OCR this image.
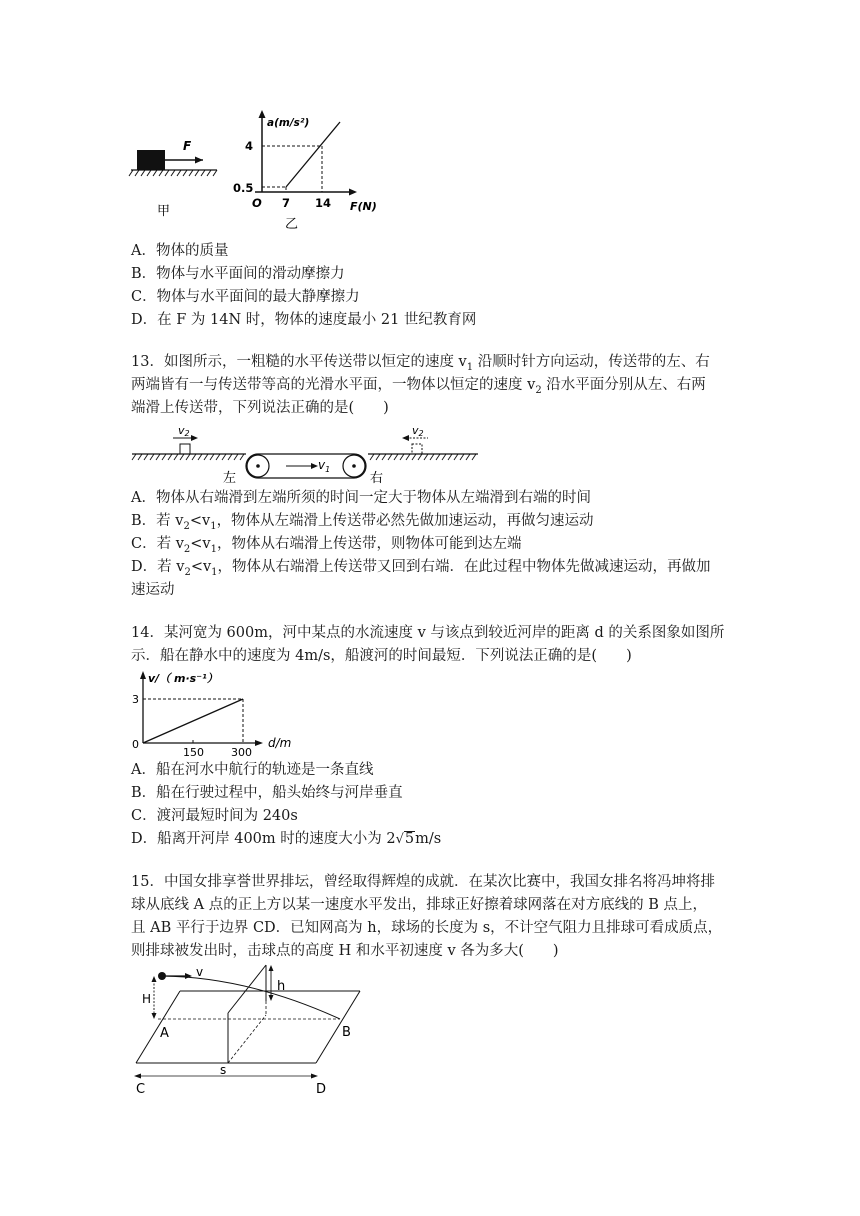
F
甲
a(m/s²)
4
0.5
O 7 14 F(N)
乙
A．物体的质量
B．物体与水平面间的滑动摩擦力
C．物体与水平面间的最大静摩擦力
D．在 F 为 14N 时，物体的速度最小 21 世纪教育网
13．如图所示，一粗糙的水平传送带以恒定的速度 $v_1$ 沿顺时针方向运动，传送带的左、右
两端皆有一与传送带等高的光滑水平面，一物体以恒定的速度 $v_2$ 沿水平面分别从左、右两
端滑上传送带，下列说法正确的是(　　)
$v_1$
左	右
v2	v2
A．物体从右端滑到左端所须的时间一定大于物体从左端滑到右端的时间
B．若 $v_2<v_1$，物体从左端滑上传送带必然先做加速运动，再做匀速运动
C．若 $v_2<v_1$，物体从右端滑上传送带，则物体可能到达左端
D．若 $v_2<v_1$，物体从右端滑上传送带又回到右端．在此过程中物体先做减速运动，再做加
速运动
14．某河宽为 600m，河中某点的水流速度 v 与该点到较近河岸的距离 d 的关系图象如图所
示．船在静水中的速度为 4m/s，船渡河的时间最短．下列说法正确的是(　　)
v/（ m·s⁻¹）
3
0
150 300
d/m
A．船在河水中航行的轨迹是一条直线
B．船在行驶过程中，船头始终与河岸垂直
C．渡河最短时间为 240s
D．船离开河岸 400m 时的速度大小为 2√5m/s
15．中国女排享誉世界排坛，曾经取得辉煌的成就．在某次比赛中，我国女排名将冯坤将排
球从底线 A 点的正上方以某一速度水平发出，排球正好擦着球网落在对方底线的 B 点上，
且 AB 平行于边界 CD．已知网高为 h，球场的长度为 s，不计空气阻力且排球可看成质点，
则排球被发出时，击球点的高度 H 和水平初速度 v 各为多大(　　)
h
v
H
A	B
C	D
s
